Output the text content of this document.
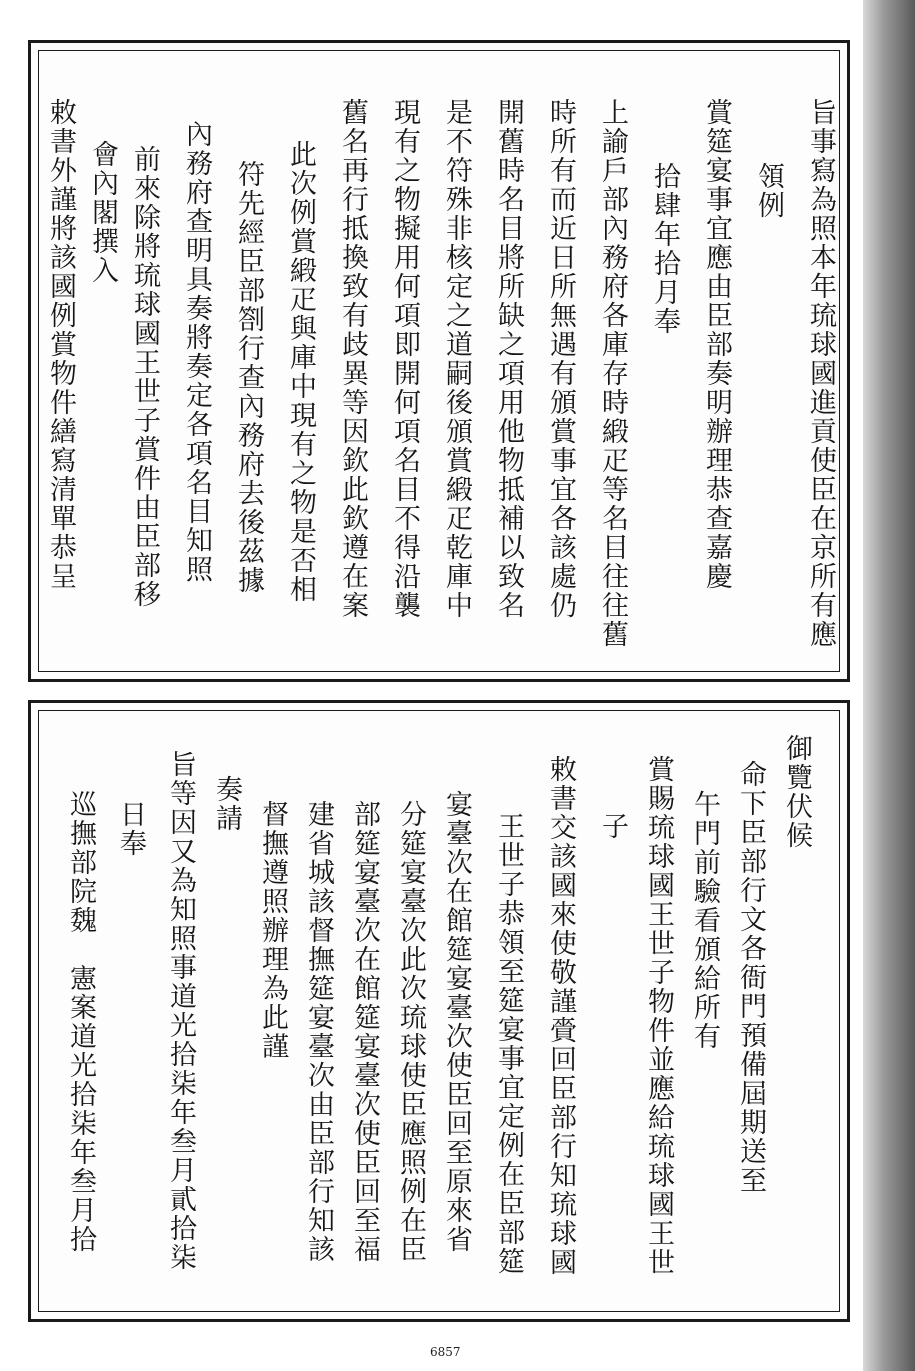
旨事寫為照本年琉球國進貢使臣在京所有應
領例
賞筵宴事宜應由臣部奏明辦理恭查嘉慶
拾肆年拾月奉
上諭戶部內務府各庫存時緞疋等名目往往舊
時所有而近日所無遇有頒賞事宜各該處仍
開舊時名目將所缺之項用他物抵補以致名
是不符殊非核定之道嗣後頒賞緞疋乾庫中
現有之物擬用何項即開何項名目不得沿襲
舊名再行抵換致有歧異等因欽此欽遵在案
此次例賞緞疋與庫中現有之物是否相
符先經臣部劄行查內務府去後茲據
內務府查明具奏將奏定各項名目知照
前來除將琉球國王世子賞件由臣部移
會內閣撰入
敕書外謹將該國例賞物件繕寫清單恭呈
御覽伏候
命下臣部行文各衙門預備屆期送至
午門前驗看頒給所有
賞賜琉球國王世子物件並應給琉球國王世
子
敕書交該國來使敬謹賫回臣部行知琉球國
王世子恭領至筵宴事宜定例在臣部筵
宴臺次在館筵宴臺次使臣回至原來省
分筵宴臺次此次琉球使臣應照例在臣
部筵宴臺次在館筵宴臺次使臣回至福
建省城該督撫筵宴臺次由臣部行知該
督撫遵照辦理為此謹
奏請
旨等因又為知照事道光拾柒年叁月貳拾柒
日奉
巡撫部院魏　憲案道光拾柒年叁月拾
6857
